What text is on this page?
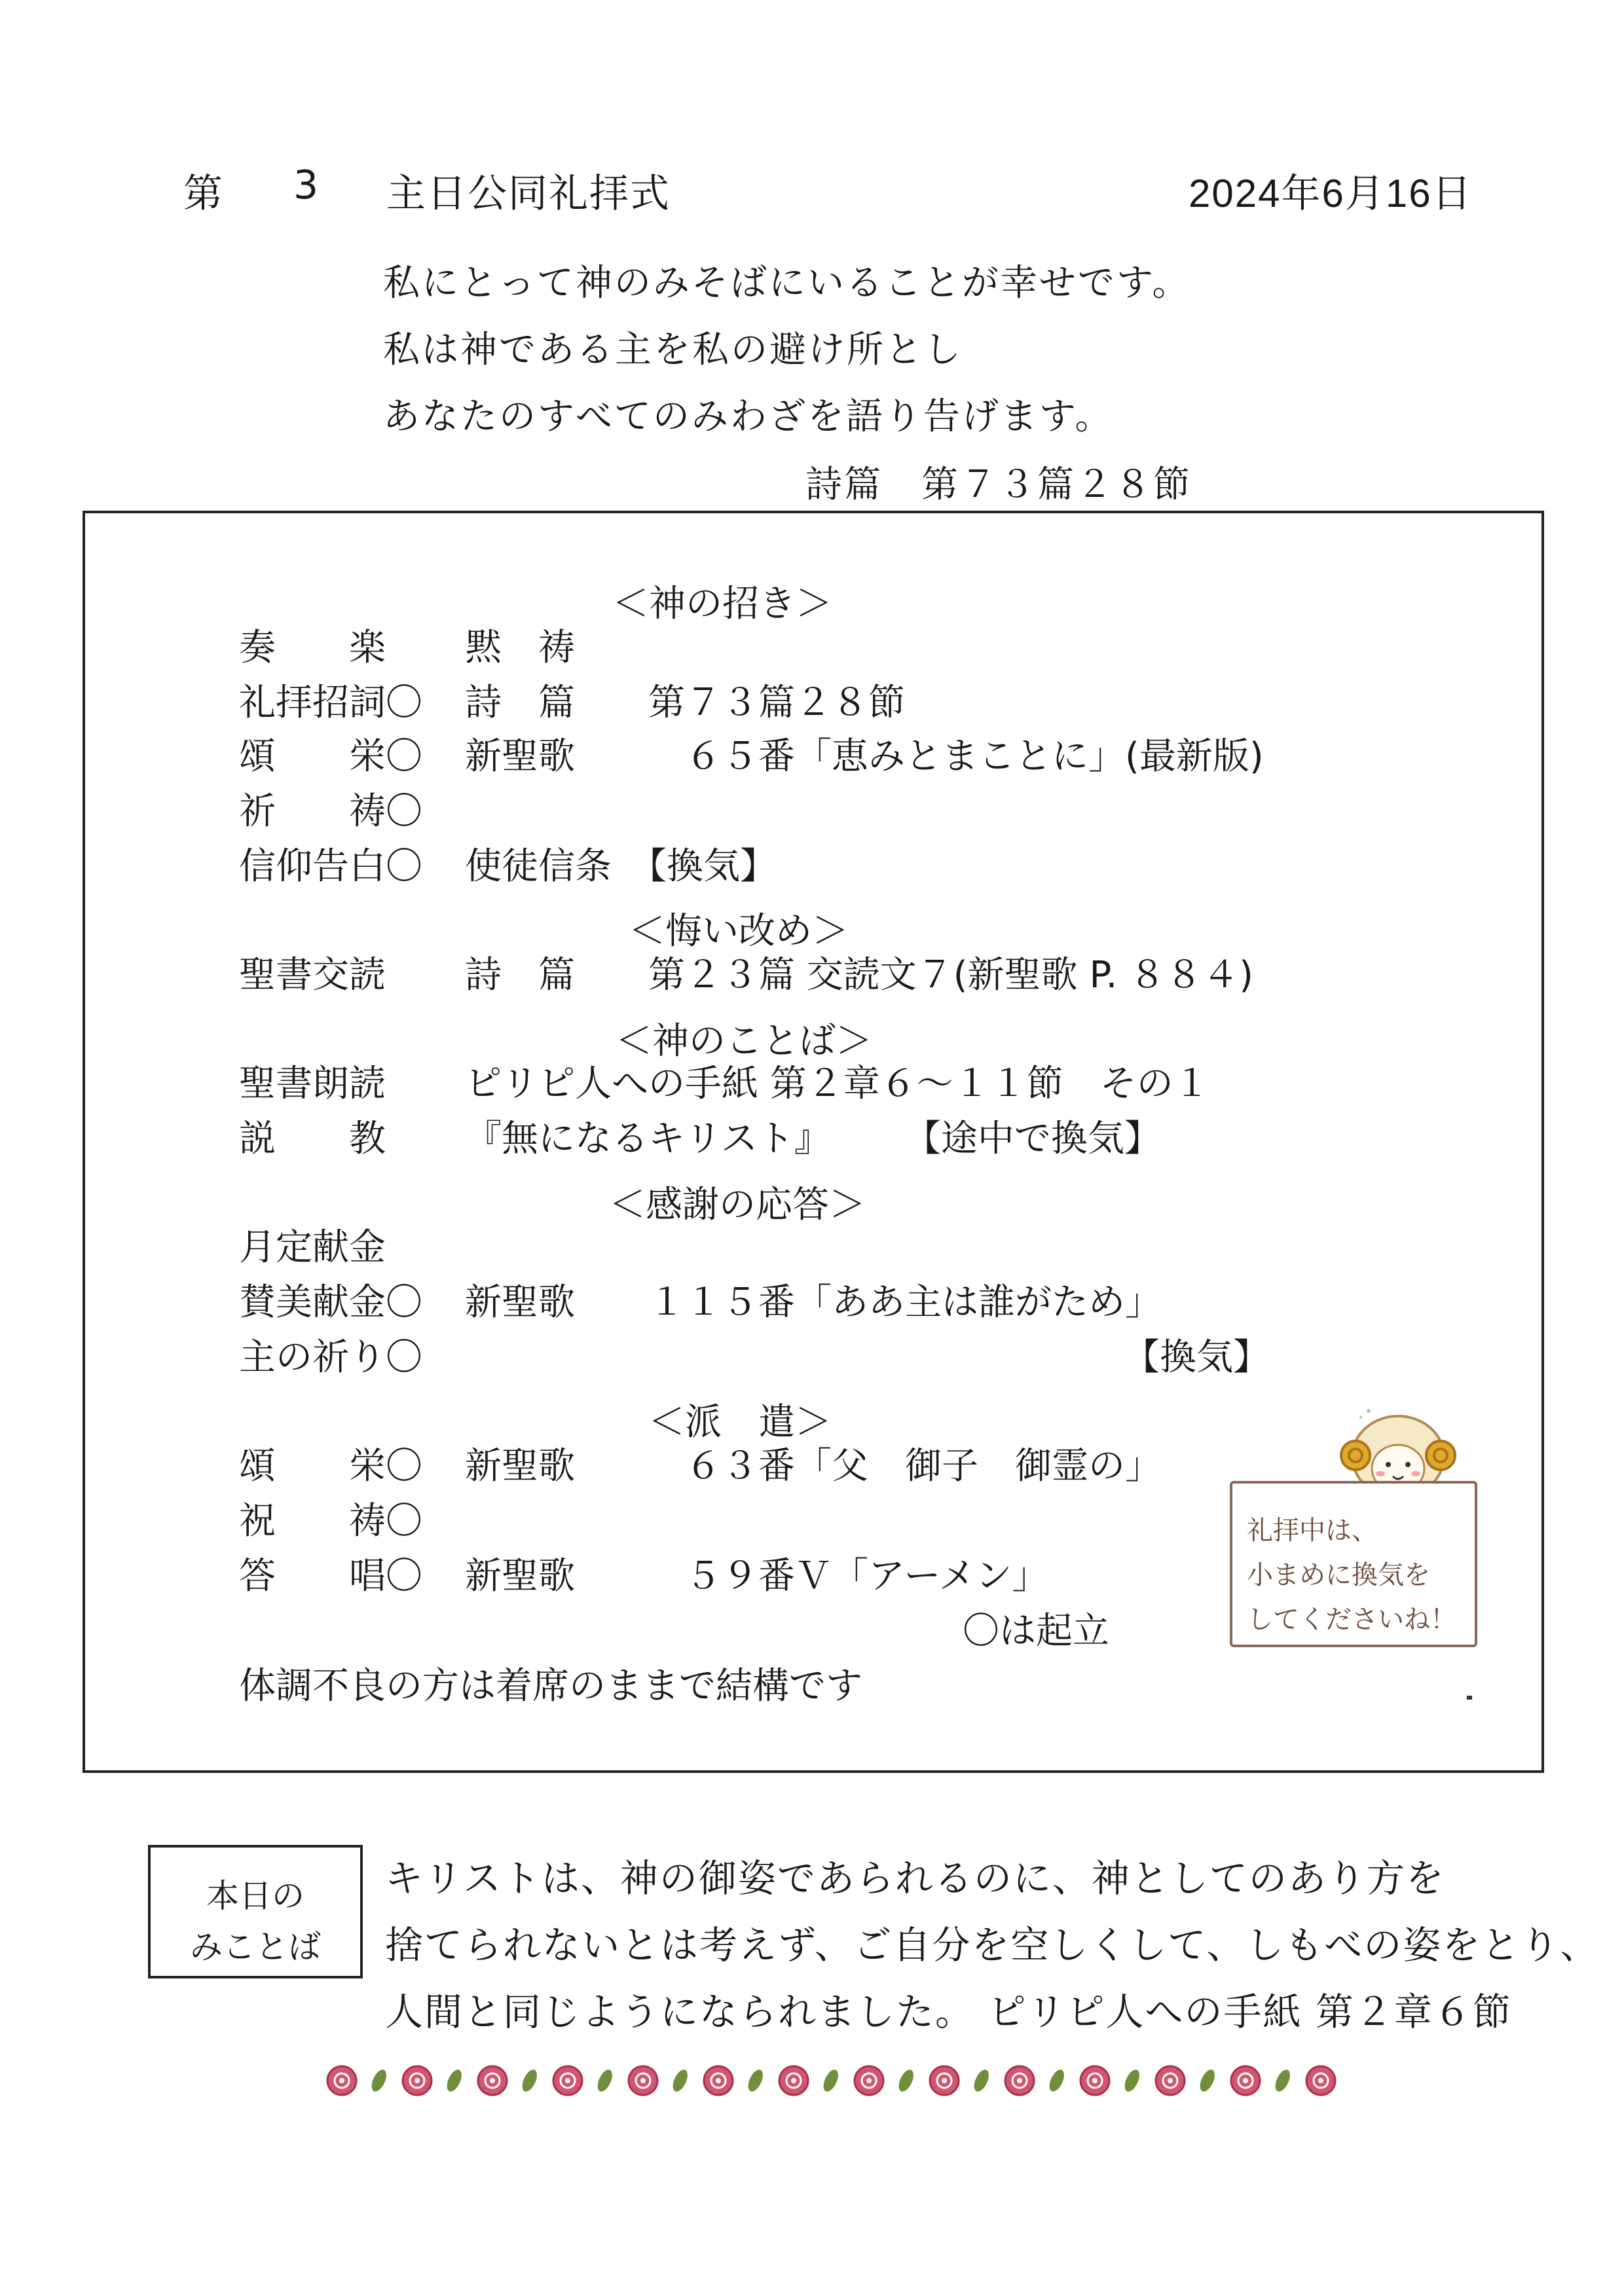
第 3 主日公同礼拝式	2024年6月16日
私にとって神のみそばにいることが幸せです。
私は神である主を私の避け所とし
あなたのすべてのみわざを語り告げます。
詩篇　第７３篇２８節
＜神の招き＞
＜悔い改め＞
＜神のことば＞
＜感謝の応答＞
＜派　遣＞
奏　　楽
礼拝招詞〇
頌　　栄〇
祈　　祷〇
信仰告白〇
聖書交読
聖書朗読
説　　教
月定献金
賛美献金〇
主の祈り〇
頌　　栄〇
祝　　祷〇
答　　唱〇
黙　祷
詩　篇　　第７３篇２８節
新聖歌　　　６５番「恵みとまことに」(最新版)
使徒信条　【換気】
詩　篇　　第２３篇 交読文７(新聖歌 P. ８８４)
ピリピ人への手紙 第２章６～１１節　その１
『無になるキリスト』　　　【途中で換気】
新聖歌　　１１５番「ああ主は誰がため」
新聖歌　　　６３番「父　御子　御霊の」
新聖歌　　　５９番Ｖ「アーメン」
【換気】
〇は起立
体調不良の方は着席のままで結構です
礼拝中は、
小まめに換気を
してくださいね！
本日の
みことば
キリストは、神の御姿であられるのに、神としてのあり方を
捨てられないとは考えず、ご自分を空しくして、しもべの姿をとり、
人間と同じようになられました。 ピリピ人への手紙 第２章６節
